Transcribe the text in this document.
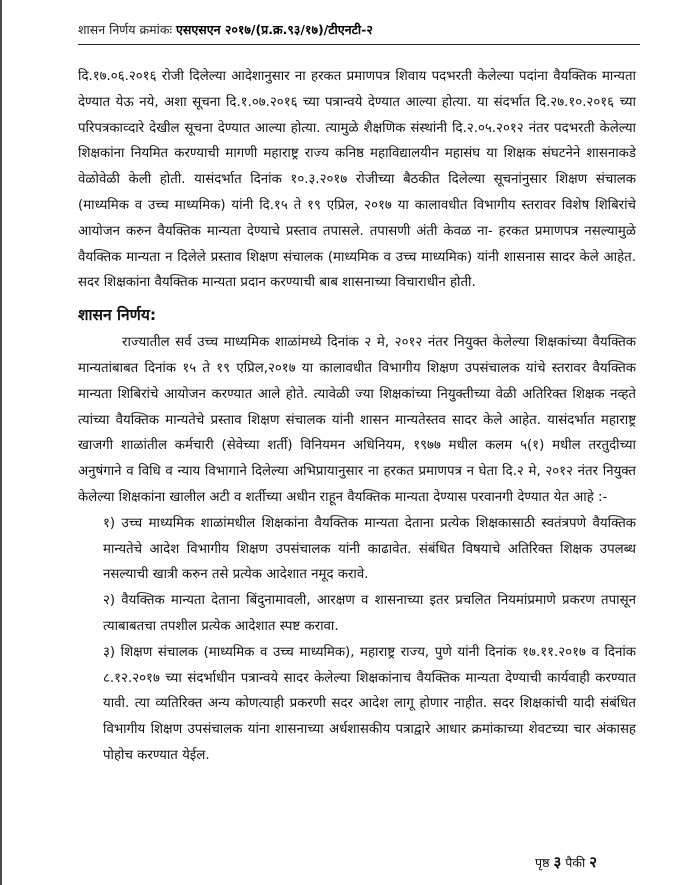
शासन निर्णय क्रमांकः एसएसएन २०१७/(प्र.क्र.९३/१७)/टीएनटी-२

दि.१७.०६.२०१६ रोजी दिलेल्या आदेशानुसार ना हरकत प्रमाणपत्र शिवाय पदभरती केलेल्या पदांना वैयक्तिक मान्यता देण्यात येऊ नये, अशा सूचना दि.१.०७.२०१६ च्या पत्रान्वये देण्यात आल्या होत्या. या संदर्भात दि.२७.१०.२०१६ च्या परिपत्रकाव्दारे देखील सूचना देण्यात आल्या होत्या. त्यामुळे शैक्षणिक संस्थांनी दि.२.०५.२०१२ नंतर पदभरती केलेल्या शिक्षकांना नियमित करण्याची मागणी महाराष्ट्र राज्य कनिष्ठ महाविद्यालयीन महासंघ या शिक्षक संघटनेने शासनाकडे वेळोवेळी केली होती. यासंदर्भात दिनांक १०.३.२०१७ रोजीच्या बैठकीत दिलेल्या सूचनांनुसार शिक्षण संचालक (माध्यमिक व उच्च माध्यमिक) यांनी दि.१५ ते १९ एप्रिल, २०१७ या कालावधीत विभागीय स्तरावर विशेष शिबिरांचे आयोजन करुन वैयक्तिक मान्यता देण्याचे प्रस्ताव तपासले. तपासणी अंती केवळ ना- हरकत प्रमाणपत्र नसल्यामुळे वैयक्तिक मान्यता न दिलेले प्रस्ताव शिक्षण संचालक (माध्यमिक व उच्च माध्यमिक) यांनी शासनास सादर केले आहेत. सदर शिक्षकांना वैयक्तिक मान्यता प्रदान करण्याची बाब शासनाच्या विचाराधीन होती.

शासन निर्णय:

राज्यातील सर्व उच्च माध्यमिक शाळांमध्ये दिनांक २ मे, २०१२ नंतर नियुक्त केलेल्या शिक्षकांच्या वैयक्तिक मान्यतांबाबत दिनांक १५ ते १९ एप्रिल,२०१७ या कालावधीत विभागीय शिक्षण उपसंचालक यांचे स्तरावर वैयक्तिक मान्यता शिबिरांचे आयोजन करण्यात आले होते. त्यावेळी ज्या शिक्षकांच्या नियुक्तीच्या वेळी अतिरिक्त शिक्षक नव्हते त्यांच्या वैयक्तिक मान्यतेचे प्रस्ताव शिक्षण संचालक यांनी शासन मान्यतेस्तव सादर केले आहेत. यासंदर्भात महाराष्ट्र खाजगी शाळांतील कर्मचारी (सेवेच्या शर्ती) विनियमन अधिनियम, १९७७ मधील कलम ५(१) मधील तरतुदीच्या अनुषंगाने व विधि व न्याय विभागाने दिलेल्या अभिप्रायानुसार ना हरकत प्रमाणपत्र न घेता दि.२ मे, २०१२ नंतर नियुक्त केलेल्या शिक्षकांना खालील अटी व शर्तीच्या अधीन राहून वैयक्तिक मान्यता देण्यास परवानगी देण्यात येत आहे :-

१) उच्च माध्यमिक शाळांमधील शिक्षकांना वैयक्तिक मान्यता देताना प्रत्येक शिक्षकासाठी स्वतंत्रपणे वैयक्तिक मान्यतेचे आदेश विभागीय शिक्षण उपसंचालक यांनी काढावेत. संबंधित विषयाचे अतिरिक्त शिक्षक उपलब्ध नसल्याची खात्री करुन तसे प्रत्येक आदेशात नमूद करावे.

२) वैयक्तिक मान्यता देताना बिंदुनामावली, आरक्षण व शासनाच्या इतर प्रचलित नियमांप्रमाणे प्रकरण तपासून त्याबाबतचा तपशील प्रत्येक आदेशात स्पष्ट करावा.

३) शिक्षण संचालक (माध्यमिक व उच्च माध्यमिक), महाराष्ट्र राज्य, पुणे यांनी दिनांक १७.११.२०१७ व दिनांक ८.१२.२०१७ च्या संदर्भाधीन पत्रान्वये सादर केलेल्या शिक्षकांनाच वैयक्तिक मान्यता देण्याची कार्यवाही करण्यात यावी. त्या व्यतिरिक्त अन्य कोणत्याही प्रकरणी सदर आदेश लागू होणार नाहीत. सदर शिक्षकांची यादी संबंधित विभागीय शिक्षण उपसंचालक यांना शासनाच्या अर्धशासकीय पत्राद्वारे आधार क्रमांकाच्या शेवटच्या चार अंकासह पोहोच करण्यात येईल.

पृष्ठ ३ पैकी २
